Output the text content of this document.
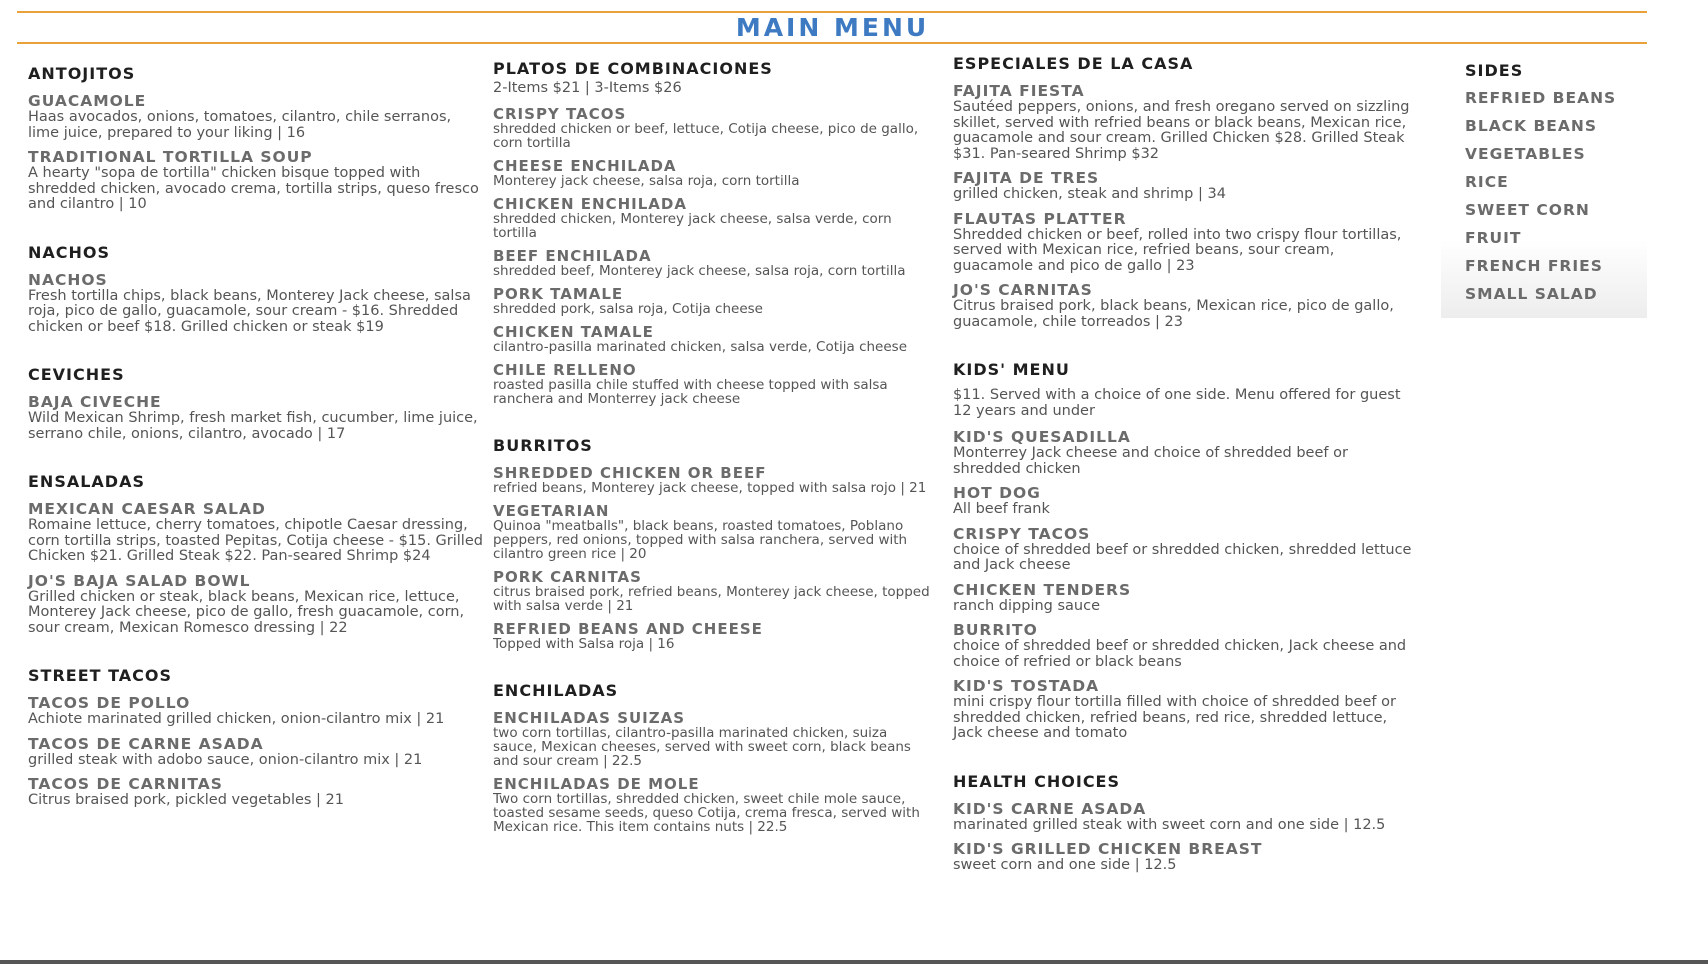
MAIN MENU
ANTOJITOS
GUACAMOLE
Haas avocados, onions, tomatoes, cilantro, chile serranos, lime juice, prepared to your liking | 16
TRADITIONAL TORTILLA SOUP
A hearty "sopa de tortilla" chicken bisque topped with shredded chicken, avocado crema, tortilla strips, queso fresco and cilantro | 10
NACHOS
NACHOS
Fresh tortilla chips, black beans, Monterey Jack cheese, salsa roja, pico de gallo, guacamole, sour cream - $16. Shredded chicken or beef $18. Grilled chicken or steak $19
CEVICHES
BAJA CIVECHE
Wild Mexican Shrimp, fresh market fish, cucumber, lime juice, serrano chile, onions, cilantro, avocado | 17
ENSALADAS
MEXICAN CAESAR SALAD
Romaine lettuce, cherry tomatoes, chipotle Caesar dressing, corn tortilla strips, toasted Pepitas, Cotija cheese - $15. Grilled Chicken $21. Grilled Steak $22. Pan-seared Shrimp $24
JO'S BAJA SALAD BOWL
Grilled chicken or steak, black beans, Mexican rice, lettuce, Monterey Jack cheese, pico de gallo, fresh guacamole, corn, sour cream, Mexican Romesco dressing | 22
STREET TACOS
TACOS DE POLLO
Achiote marinated grilled chicken, onion-cilantro mix | 21
TACOS DE CARNE ASADA
grilled steak with adobo sauce, onion-cilantro mix | 21
TACOS DE CARNITAS
Citrus braised pork, pickled vegetables | 21
PLATOS DE COMBINACIONES
2-Items $21 | 3-Items $26
CRISPY TACOS
shredded chicken or beef, lettuce, Cotija cheese, pico de gallo, corn tortilla
CHEESE ENCHILADA
Monterey jack cheese, salsa roja, corn tortilla
CHICKEN ENCHILADA
shredded chicken, Monterey jack cheese, salsa verde, corn tortilla
BEEF ENCHILADA
shredded beef, Monterey jack cheese, salsa roja, corn tortilla
PORK TAMALE
shredded pork, salsa roja, Cotija cheese
CHICKEN TAMALE
cilantro-pasilla marinated chicken, salsa verde, Cotija cheese
CHILE RELLENO
roasted pasilla chile stuffed with cheese topped with salsa ranchera and Monterrey jack cheese
BURRITOS
SHREDDED CHICKEN OR BEEF
refried beans, Monterey jack cheese, topped with salsa rojo | 21
VEGETARIAN
Quinoa "meatballs", black beans, roasted tomatoes, Poblano peppers, red onions, topped with salsa ranchera, served with cilantro green rice | 20
PORK CARNITAS
citrus braised pork, refried beans, Monterey jack cheese, topped with salsa verde | 21
REFRIED BEANS AND CHEESE
Topped with Salsa roja | 16
ENCHILADAS
ENCHILADAS SUIZAS
two corn tortillas, cilantro-pasilla marinated chicken, suiza sauce, Mexican cheeses, served with sweet corn, black beans and sour cream | 22.5
ENCHILADAS DE MOLE
Two corn tortillas, shredded chicken, sweet chile mole sauce, toasted sesame seeds, queso Cotija, crema fresca, served with Mexican rice. This item contains nuts | 22.5
ESPECIALES DE LA CASA
FAJITA FIESTA
Sautéed peppers, onions, and fresh oregano served on sizzling skillet, served with refried beans or black beans, Mexican rice, guacamole and sour cream. Grilled Chicken $28. Grilled Steak $31. Pan-seared Shrimp $32
FAJITA DE TRES
grilled chicken, steak and shrimp | 34
FLAUTAS PLATTER
Shredded chicken or beef, rolled into two crispy flour tortillas, served with Mexican rice, refried beans, sour cream, guacamole and pico de gallo | 23
JO'S CARNITAS
Citrus braised pork, black beans, Mexican rice, pico de gallo, guacamole, chile torreados | 23
KIDS' MENU
$11. Served with a choice of one side. Menu offered for guest 12 years and under
KID'S QUESADILLA
Monterrey Jack cheese and choice of shredded beef or shredded chicken
HOT DOG
All beef frank
CRISPY TACOS
choice of shredded beef or shredded chicken, shredded lettuce and Jack cheese
CHICKEN TENDERS
ranch dipping sauce
BURRITO
choice of shredded beef or shredded chicken, Jack cheese and choice of refried or black beans
KID'S TOSTADA
mini crispy flour tortilla filled with choice of shredded beef or shredded chicken, refried beans, red rice, shredded lettuce, Jack cheese and tomato
HEALTH CHOICES
KID'S CARNE ASADA
marinated grilled steak with sweet corn and one side | 12.5
KID'S GRILLED CHICKEN BREAST
sweet corn and one side | 12.5
SIDES
REFRIED BEANS
BLACK BEANS
VEGETABLES
RICE
SWEET CORN
FRUIT
FRENCH FRIES
SMALL SALAD
